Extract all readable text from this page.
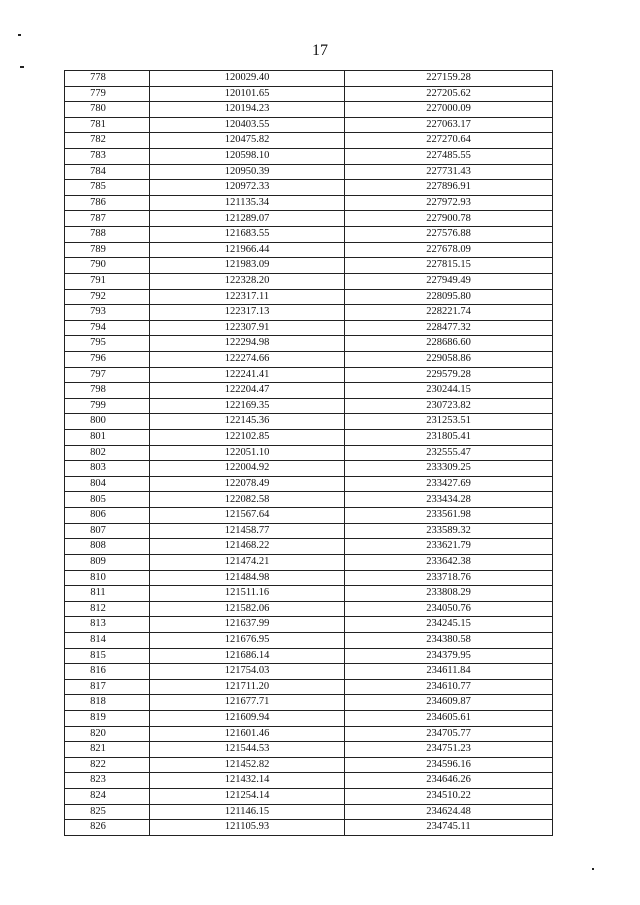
17
778	120029.40	227159.28
779	120101.65	227205.62
780	120194.23	227000.09
781	120403.55	227063.17
782	120475.82	227270.64
783	120598.10	227485.55
784	120950.39	227731.43
785	120972.33	227896.91
786	121135.34	227972.93
787	121289.07	227900.78
788	121683.55	227576.88
789	121966.44	227678.09
790	121983.09	227815.15
791	122328.20	227949.49
792	122317.11	228095.80
793	122317.13	228221.74
794	122307.91	228477.32
795	122294.98	228686.60
796	122274.66	229058.86
797	122241.41	229579.28
798	122204.47	230244.15
799	122169.35	230723.82
800	122145.36	231253.51
801	122102.85	231805.41
802	122051.10	232555.47
803	122004.92	233309.25
804	122078.49	233427.69
805	122082.58	233434.28
806	121567.64	233561.98
807	121458.77	233589.32
808	121468.22	233621.79
809	121474.21	233642.38
810	121484.98	233718.76
811	121511.16	233808.29
812	121582.06	234050.76
813	121637.99	234245.15
814	121676.95	234380.58
815	121686.14	234379.95
816	121754.03	234611.84
817	121711.20	234610.77
818	121677.71	234609.87
819	121609.94	234605.61
820	121601.46	234705.77
821	121544.53	234751.23
822	121452.82	234596.16
823	121432.14	234646.26
824	121254.14	234510.22
825	121146.15	234624.48
826	121105.93	234745.11
